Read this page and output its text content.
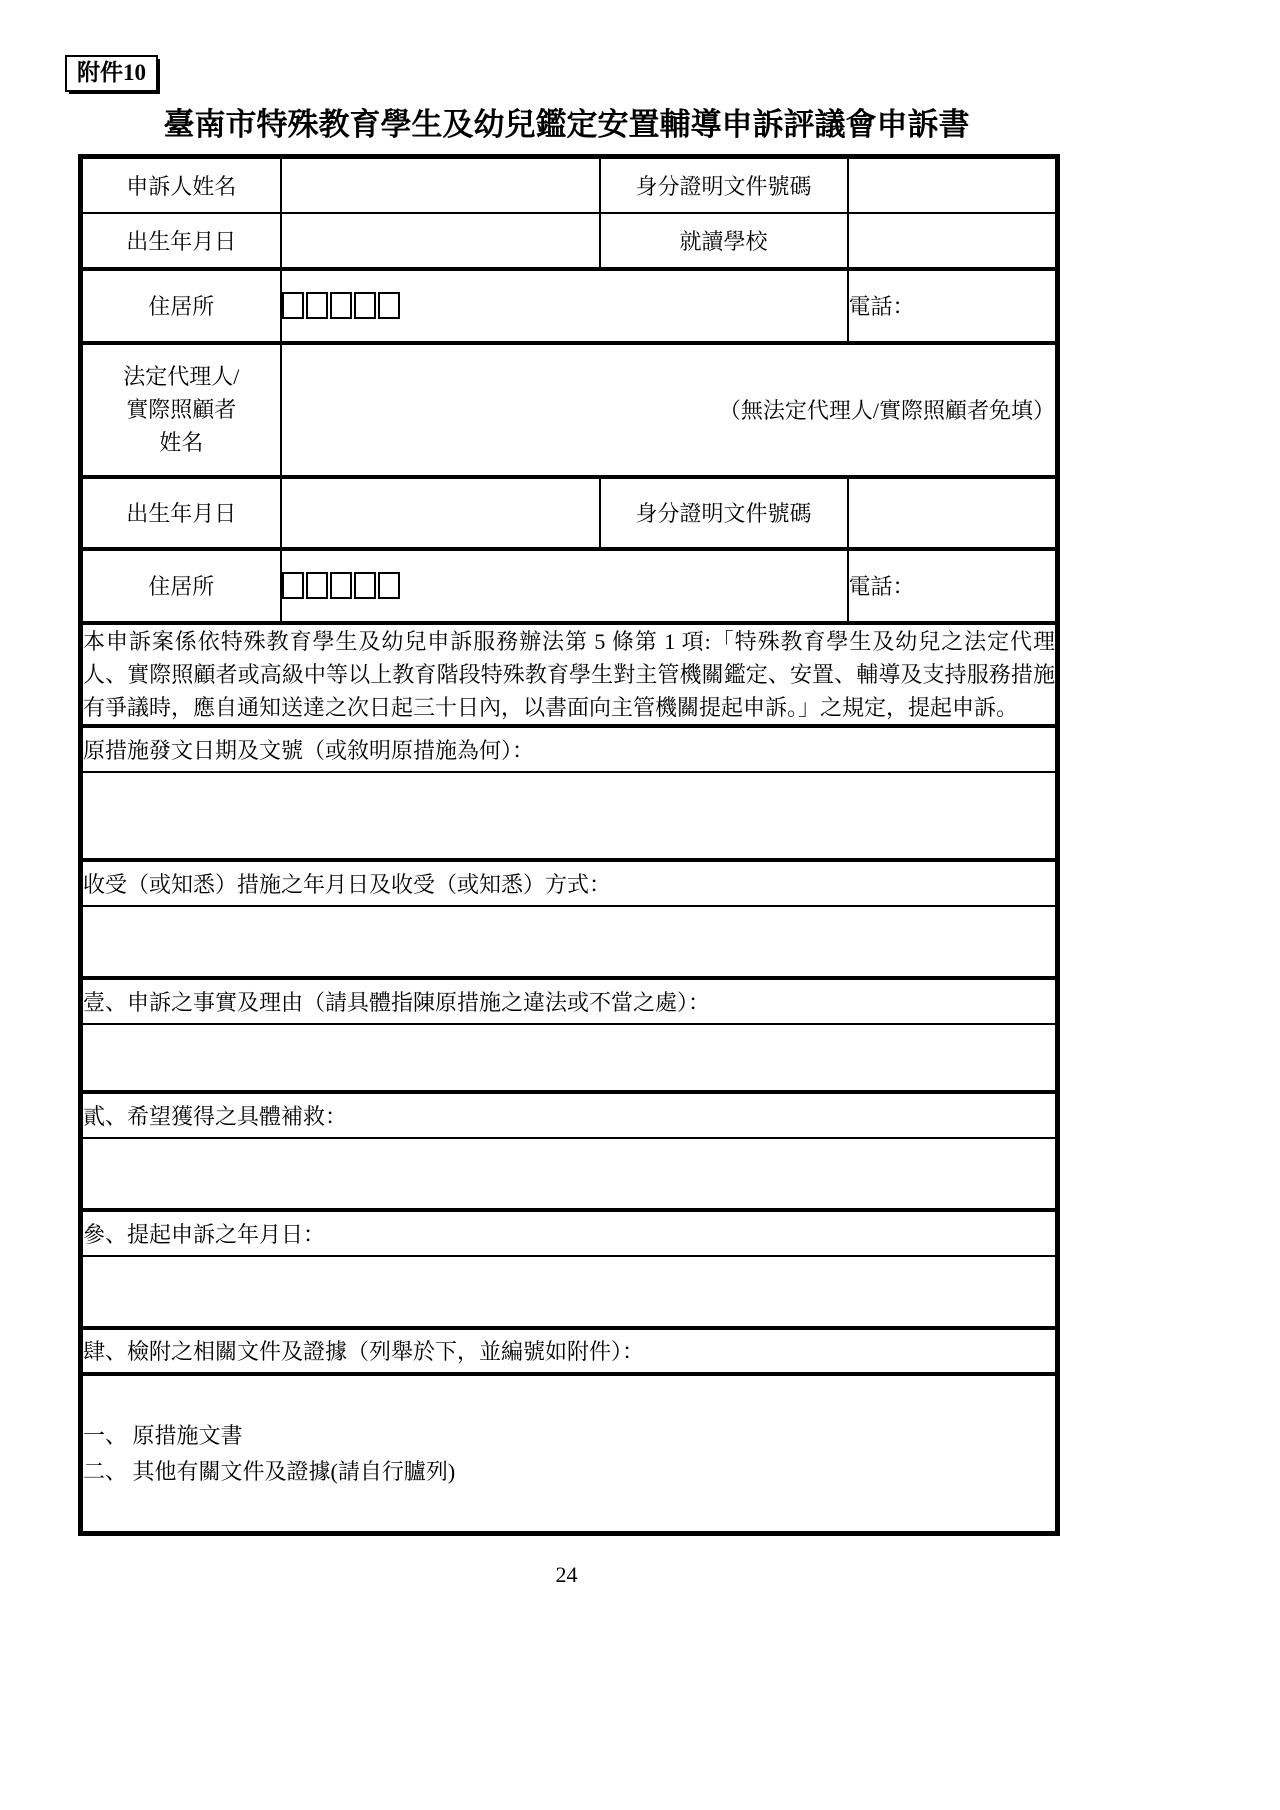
附件10
臺南市特殊教育學生及幼兒鑑定安置輔導申訴評議會申訴書
申訴人姓名		身分證明文件號碼	
出生年月日		就讀學校	
住居所			電話：

法定代理人/
實際照顧者
姓名	（無法定代理人/實際照顧者免填）		
出生年月日		身分證明文件號碼	
住居所			電話：
本申訴案係依特殊教育學生及幼兒申訴服務辦法第 5 條第 1 項:「特殊教育學生及幼兒之法定代理人、實際照顧者或高級中等以上教育階段特殊教育學生對主管機關鑑定、安置、輔導及支持服務措施有爭議時，應自通知送達之次日起三十日內，以書面向主管機關提起申訴。」之規定，提起申訴。			
原措施發文日期及文號（或敘明原措施為何）：			

收受（或知悉）措施之年月日及收受（或知悉）方式：			

壹、申訴之事實及理由（請具體指陳原措施之違法或不當之處）：			

貳、希望獲得之具體補救：			

參、提起申訴之年月日：			

肆、檢附之相關文件及證據（列舉於下，並編號如附件）：			

一、 原措施文書
二、 其他有關文件及證據(請自行臚列)			
24
